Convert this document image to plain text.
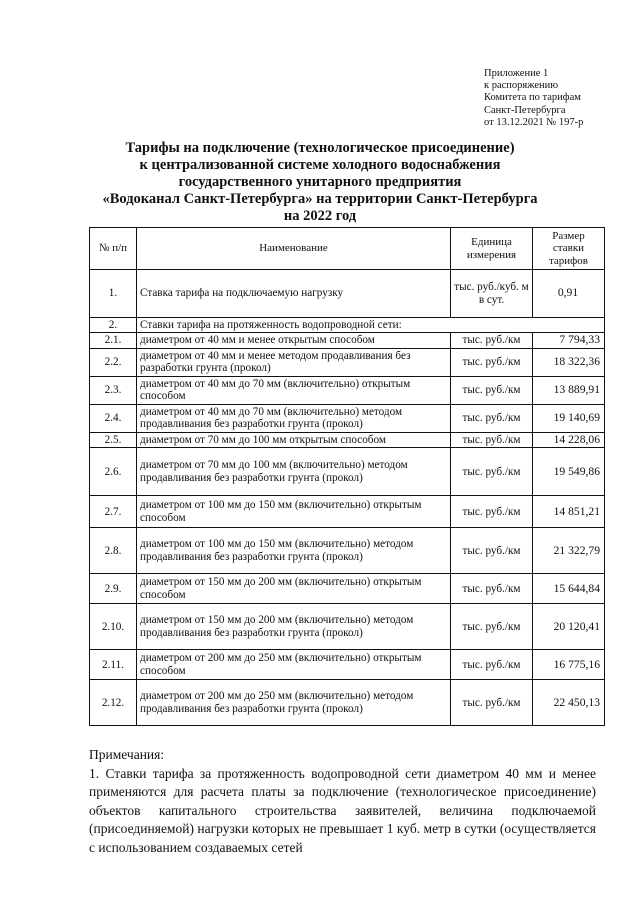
Приложение 1
к распоряжению
Комитета по тарифам
Санкт-Петербурга
от 13.12.2021 № 197-р
Тарифы на подключение (технологическое присоединение)
к централизованной системе холодного водоснабжения
государственного унитарного предприятия
«Водоканал Санкт-Петербурга» на территории Санкт-Петербурга
на 2022 год
№ п/п	Наименование	Единица измерения	Размер ставки тарифов
1.	Ставка тарифа на подключаемую нагрузку	тыс. руб./куб. м в сут.	0,91
2.	Ставки тарифа на протяженность водопроводной сети:		
2.1.	диаметром от 40 мм и менее открытым способом	тыс. руб./км	7 794,33
2.2.	диаметром от 40 мм и менее методом продавливания без разработки грунта (прокол)	тыс. руб./км	18 322,36
2.3.	диаметром от 40 мм до 70 мм (включительно) открытым способом	тыс. руб./км	13 889,91
2.4.	диаметром от 40 мм до 70 мм (включительно) методом продавливания без разработки грунта (прокол)	тыс. руб./км	19 140,69
2.5.	диаметром от 70 мм до 100 мм открытым способом	тыс. руб./км	14 228,06
2.6.	диаметром от 70 мм до 100 мм (включительно) методом продавливания без разработки грунта (прокол)	тыс. руб./км	19 549,86
2.7.	диаметром от 100 мм до 150 мм (включительно) открытым способом	тыс. руб./км	14 851,21
2.8.	диаметром от 100 мм до 150 мм (включительно) методом продавливания без разработки грунта (прокол)	тыс. руб./км	21 322,79
2.9.	диаметром от 150 мм до 200 мм (включительно) открытым способом	тыс. руб./км	15 644,84
2.10.	диаметром от 150 мм до 200 мм (включительно) методом продавливания без разработки грунта (прокол)	тыс. руб./км	20 120,41
2.11.	диаметром от 200 мм до 250 мм (включительно) открытым способом	тыс. руб./км	16 775,16
2.12.	диаметром от 200 мм до 250 мм (включительно) методом продавливания без разработки грунта (прокол)	тыс. руб./км	22 450,13
Примечания:
1. Ставки тарифа за протяженность водопроводной сети диаметром 40 мм и менее применяются для расчета платы за подключение (технологическое присоединение) объектов капитального строительства заявителей, величина подключаемой (присоединяемой) нагрузки которых не превышает 1 куб. метр в сутки (осуществляется с использованием создаваемых сетей
